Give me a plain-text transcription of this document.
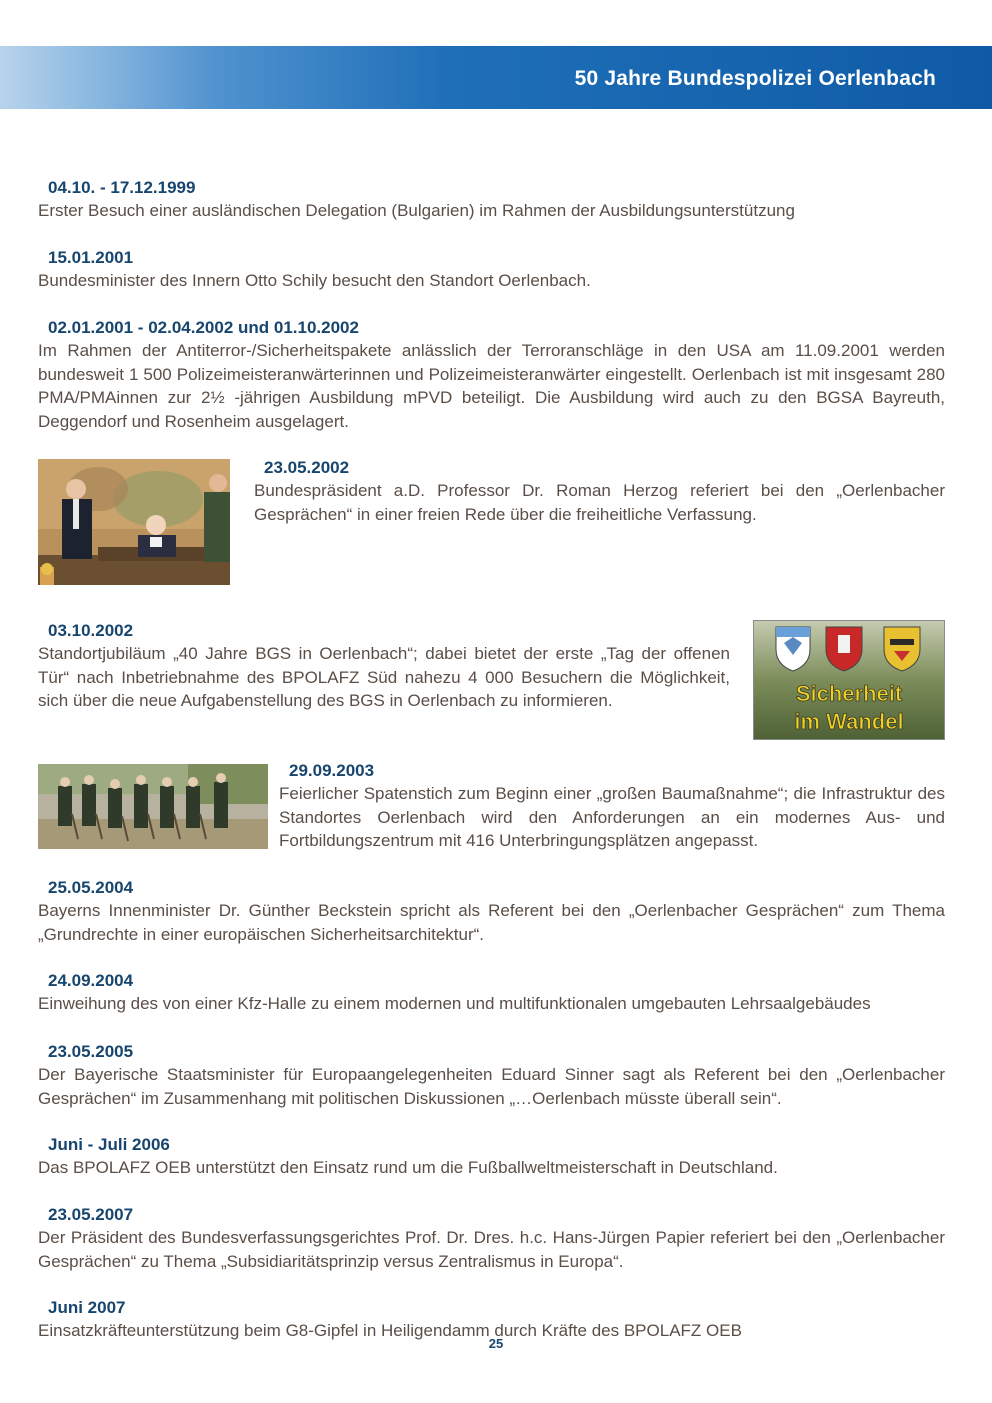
50 Jahre Bundespolizei Oerlenbach
04.10. - 17.12.1999
Erster Besuch einer ausländischen Delegation (Bulgarien) im Rahmen der Ausbildungsunterstützung
15.01.2001
Bundesminister des Innern Otto Schily besucht den Standort Oerlenbach.
02.01.2001 - 02.04.2002 und 01.10.2002
Im Rahmen der Antiterror-/Sicherheitspakete anlässlich der Terroranschläge in den USA am 11.09.2001 werden bundesweit 1 500 Polizeimeisteranwärterinnen und Polizeimeisteranwärter eingestellt. Oerlenbach ist mit insgesamt 280 PMA/PMAinnen zur 2½ -jährigen Ausbildung mPVD beteiligt. Die Ausbildung wird auch zu den BGSA Bayreuth, Deggendorf und Rosenheim ausgelagert.
23.05.2002
Bundespräsident a.D. Professor Dr. Roman Herzog referiert bei den „Oerlenbacher Gesprächen“ in einer freien Rede über die freiheitliche Verfassung.
03.10.2002
Standortjubiläum „40 Jahre BGS in Oerlenbach“; dabei bietet der erste „Tag der offenen Tür“ nach Inbetriebnahme des BPOLAFZ Süd nahezu 4 000 Besuchern die Möglichkeit, sich über die neue Aufgabenstellung des BGS in Oerlenbach zu informieren.	Sicherheit
im Wandel
29.09.2003
Feierlicher Spatenstich zum Beginn einer „großen Baumaßnahme“; die Infrastruktur des Standortes Oerlenbach wird den Anforderungen an ein modernes Aus- und Fortbildungszentrum mit 416 Unterbringungsplätzen angepasst.
25.05.2004
Bayerns Innenminister Dr. Günther Beckstein spricht als Referent bei den „Oerlenbacher Gesprächen“ zum Thema „Grundrechte in einer europäischen Sicherheitsarchitektur“.
24.09.2004
Einweihung des von einer Kfz-Halle zu einem modernen und multifunktionalen umgebauten Lehrsaalgebäudes
23.05.2005
Der Bayerische Staatsminister für Europaangelegenheiten Eduard Sinner sagt als Referent bei den „Oerlenbacher Gesprächen“ im Zusammenhang mit politischen Diskussionen „…Oerlenbach müsste überall sein“.
Juni - Juli 2006
Das BPOLAFZ OEB unterstützt den Einsatz rund um die Fußballweltmeisterschaft in Deutschland.
23.05.2007
Der Präsident des Bundesverfassungsgerichtes Prof. Dr. Dres. h.c. Hans-Jürgen Papier referiert bei den „Oerlenbacher Gesprächen“ zu Thema „Subsidiaritätsprinzip versus Zentralismus in Europa“.
Juni 2007
Einsatzkräfteunterstützung beim G8-Gipfel in Heiligendamm durch Kräfte des BPOLAFZ OEB
25
